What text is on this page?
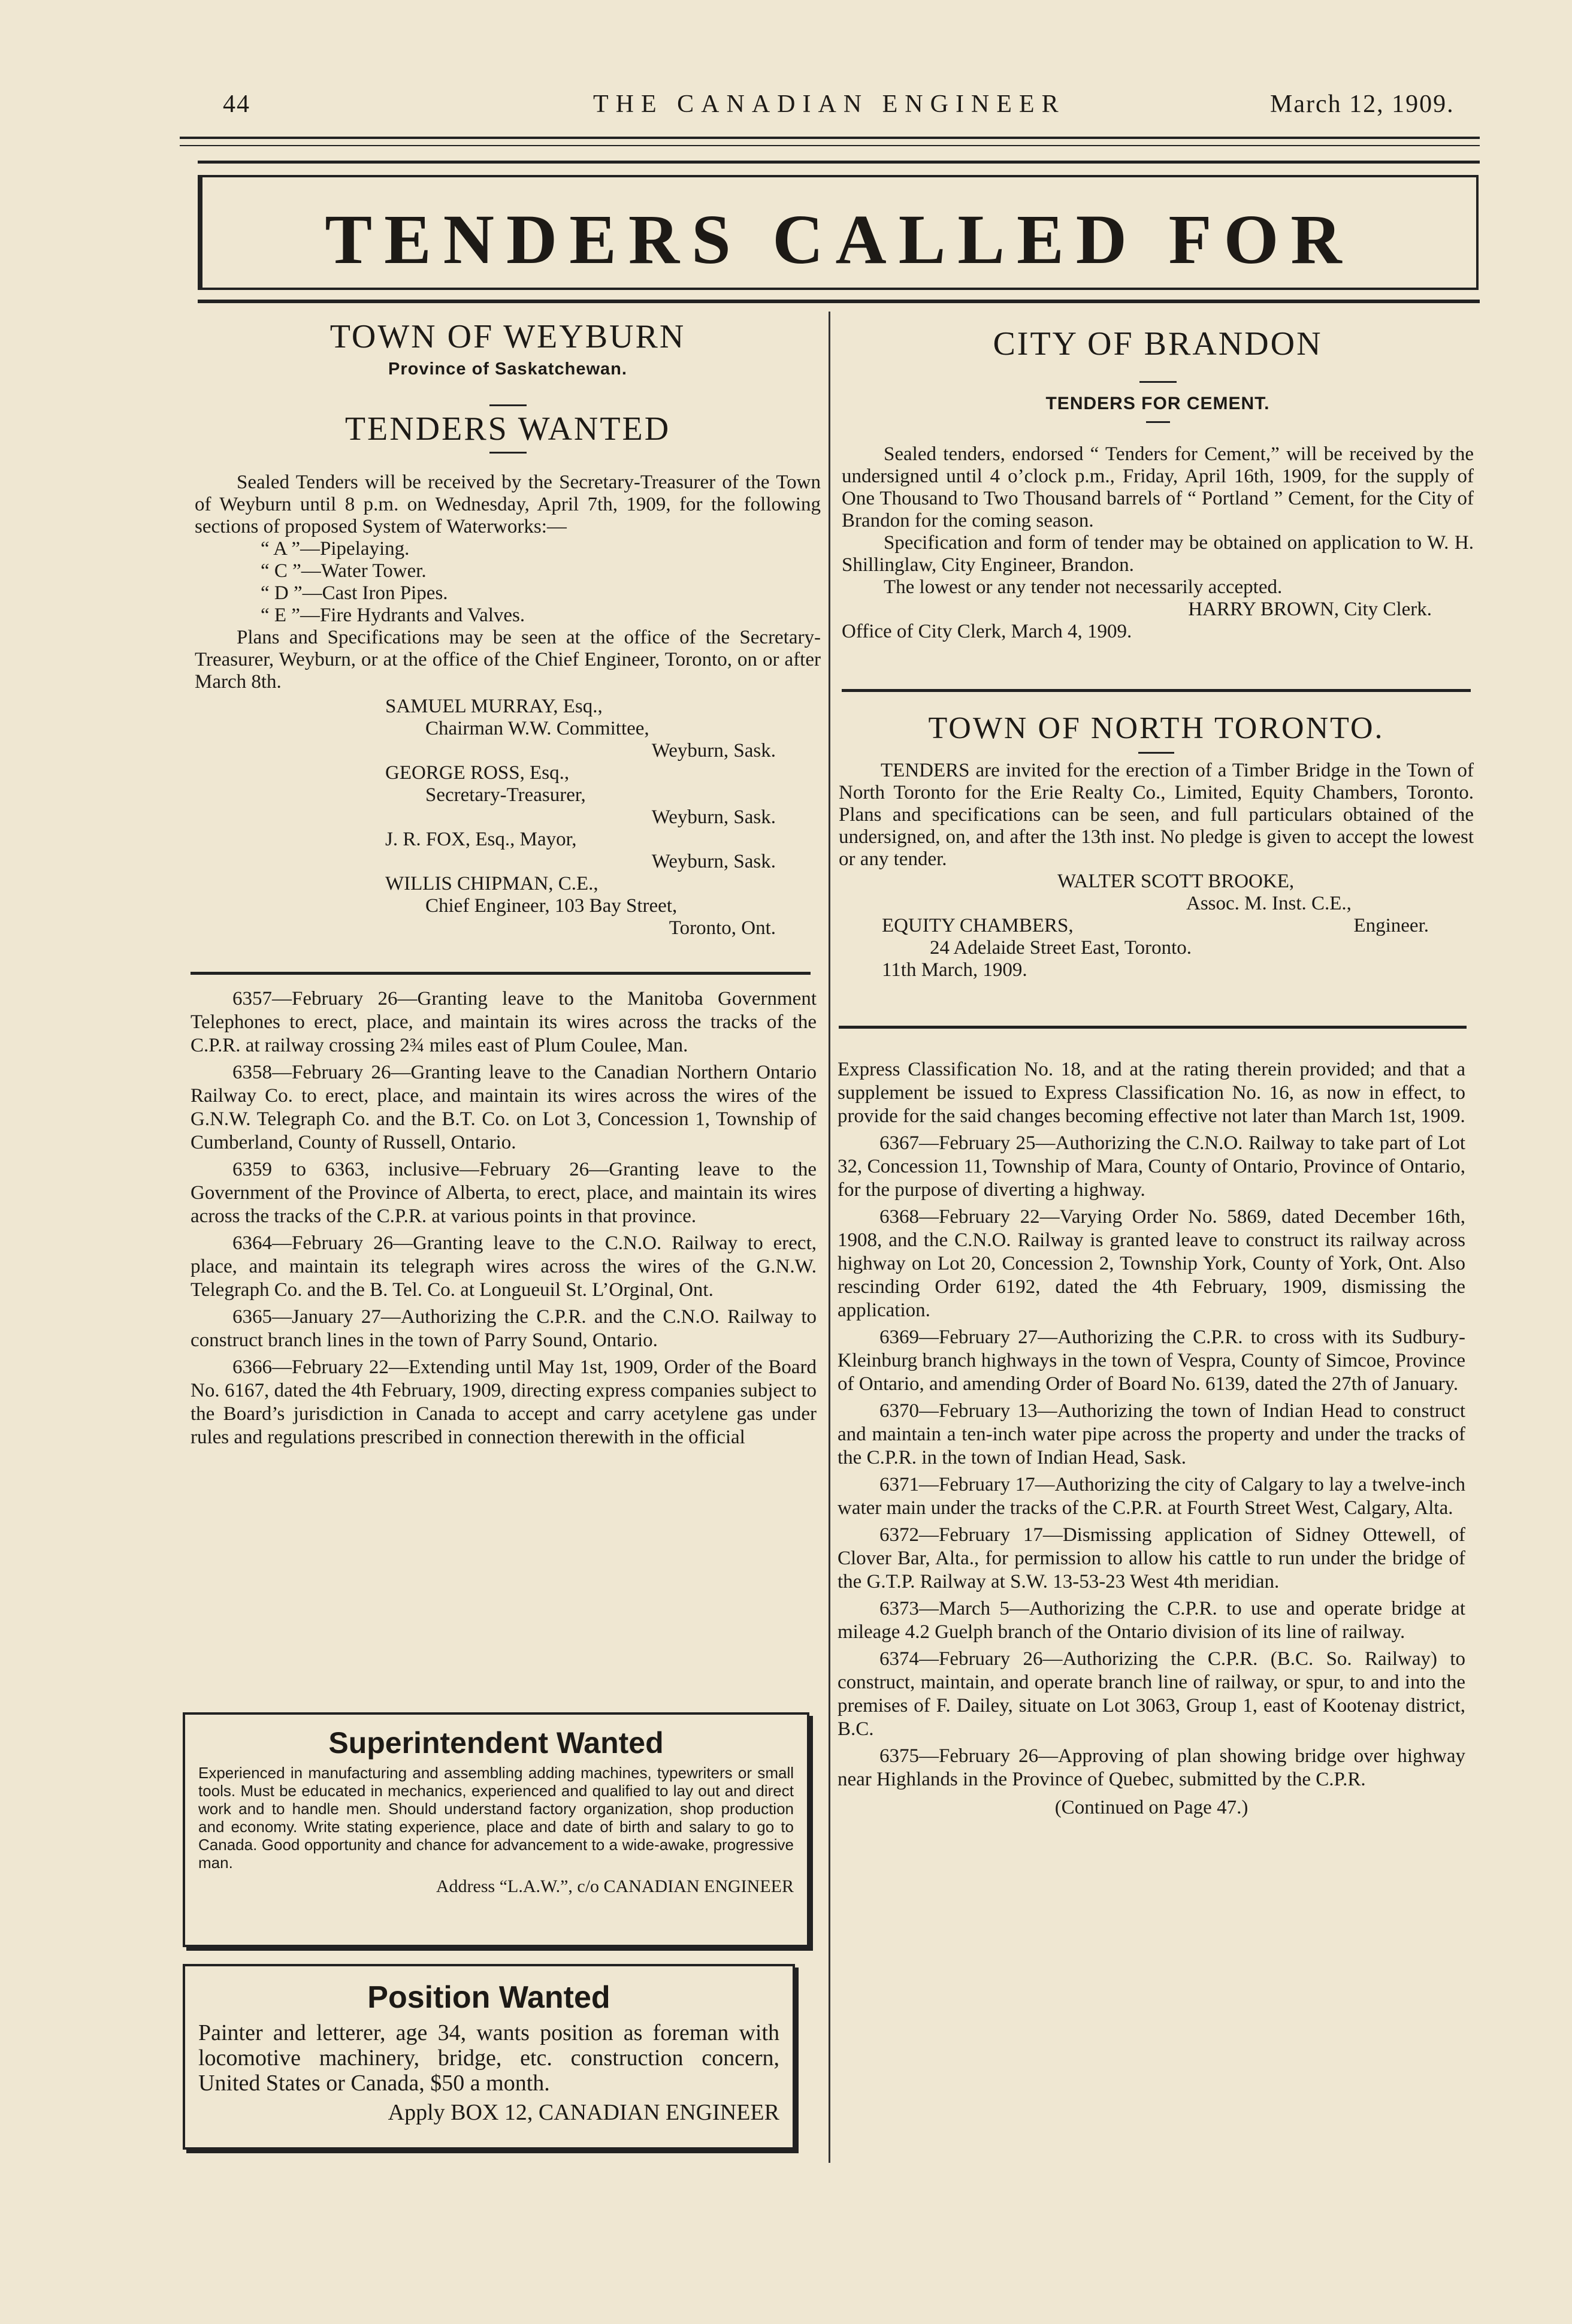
44	THE CANADIAN ENGINEER	March 12, 1909.
TENDERS CALLED FOR
TOWN OF WEYBURN
Province of Saskatchewan.
TENDERS WANTED

Sealed Tenders will be received by the Secretary-Treasurer of the Town of Weyburn until 8 p.m. on Wednesday, April 7th, 1909, for the following sections of proposed System of Waterworks:—

“ A ”—Pipelaying.
“ C ”—Water Tower.
“ D ”—Cast Iron Pipes.
“ E ”—Fire Hydrants and Valves.

Plans and Specifications may be seen at the office of the Secretary-Treasurer, Weyburn, or at the office of the Chief Engineer, Toronto, on or after March 8th.

SAMUEL MURRAY, Esq.,
Chairman W.W. Committee,
Weyburn, Sask.
GEORGE ROSS, Esq.,
Secretary-Treasurer,
Weyburn, Sask.
J. R. FOX, Esq., Mayor,
Weyburn, Sask.
WILLIS CHIPMAN, C.E.,
Chief Engineer, 103 Bay Street,
Toronto, Ont.

6357—February 26—Granting leave to the Manitoba Government Telephones to erect, place, and maintain its wires across the tracks of the C.P.R. at railway crossing 2¾ miles east of Plum Coulee, Man.

6358—February 26—Granting leave to the Canadian Northern Ontario Railway Co. to erect, place, and maintain its wires across the wires of the G.N.W. Telegraph Co. and the B.T. Co. on Lot 3, Concession 1, Township of Cumberland, County of Russell, Ontario.

6359 to 6363, inclusive—February 26—Granting leave to the Government of the Province of Alberta, to erect, place, and maintain its wires across the tracks of the C.P.R. at various points in that province.

6364—February 26—Granting leave to the C.N.O. Railway to erect, place, and maintain its telegraph wires across the wires of the G.N.W. Telegraph Co. and the B. Tel. Co. at Longueuil St. L’Orginal, Ont.

6365—January 27—Authorizing the C.P.R. and the C.N.O. Railway to construct branch lines in the town of Parry Sound, Ontario.

6366—February 22—Extending until May 1st, 1909, Order of the Board No. 6167, dated the 4th February, 1909, directing express companies subject to the Board’s jurisdiction in Canada to accept and carry acetylene gas under rules and regulations prescribed in connection therewith in the official

Superintendent Wanted
Experienced in manufacturing and assembling adding machines, typewriters or small tools. Must be educated in mechanics, experienced and qualified to lay out and direct work and to handle men. Should understand factory organization, shop production and economy. Write stating experience, place and date of birth and salary to go to Canada. Good opportunity and chance for advancement to a wide-awake, progressive man.
Address “L.A.W.”, c/o CANADIAN ENGINEER
Position Wanted
Painter and letterer, age 34, wants position as foreman with locomotive machinery, bridge, etc. construction concern, United States or Canada, $50 a month.
Apply BOX 12, CANADIAN ENGINEER
CITY OF BRANDON
TENDERS FOR CEMENT.

Sealed tenders, endorsed “ Tenders for Cement,” will be received by the undersigned until 4 o’clock p.m., Friday, April 16th, 1909, for the supply of One Thousand to Two Thousand barrels of “ Portland ” Cement, for the City of Brandon for the coming season.

Specification and form of tender may be obtained on application to W. H. Shillinglaw, City Engineer, Brandon.

The lowest or any tender not necessarily accepted.

HARRY BROWN, City Clerk.
Office of City Clerk, March 4, 1909.
TOWN OF NORTH TORONTO.

TENDERS are invited for the erection of a Timber Bridge in the Town of North Toronto for the Erie Realty Co., Limited, Equity Chambers, Toronto. Plans and specifications can be seen, and full particulars obtained of the undersigned, on, and after the 13th inst. No pledge is given to accept the lowest or any tender.

WALTER SCOTT BROOKE,
Assoc. M. Inst. C.E.,
EQUITY CHAMBERS,	Engineer.
24 Adelaide Street East, Toronto.
11th March, 1909.

Express Classification No. 18, and at the rating therein provided; and that a supplement be issued to Express Classification No. 16, as now in effect, to provide for the said changes becoming effective not later than March 1st, 1909.

6367—February 25—Authorizing the C.N.O. Railway to take part of Lot 32, Concession 11, Township of Mara, County of Ontario, Province of Ontario, for the purpose of diverting a highway.

6368—February 22—Varying Order No. 5869, dated December 16th, 1908, and the C.N.O. Railway is granted leave to construct its railway across highway on Lot 20, Concession 2, Township York, County of York, Ont. Also rescinding Order 6192, dated the 4th February, 1909, dismissing the application.

6369—February 27—Authorizing the C.P.R. to cross with its Sudbury-Kleinburg branch highways in the town of Vespra, County of Simcoe, Province of Ontario, and amending Order of Board No. 6139, dated the 27th of January.

6370—February 13—Authorizing the town of Indian Head to construct and maintain a ten-inch water pipe across the property and under the tracks of the C.P.R. in the town of Indian Head, Sask.

6371—February 17—Authorizing the city of Calgary to lay a twelve-inch water main under the tracks of the C.P.R. at Fourth Street West, Calgary, Alta.

6372—February 17—Dismissing application of Sidney Ottewell, of Clover Bar, Alta., for permission to allow his cattle to run under the bridge of the G.T.P. Railway at S.W. 13-53-23 West 4th meridian.

6373—March 5—Authorizing the C.P.R. to use and operate bridge at mileage 4.2 Guelph branch of the Ontario division of its line of railway.

6374—February 26—Authorizing the C.P.R. (B.C. So. Railway) to construct, maintain, and operate branch line of railway, or spur, to and into the premises of F. Dailey, situate on Lot 3063, Group 1, east of Kootenay district, B.C.

6375—February 26—Approving of plan showing bridge over highway near Highlands in the Province of Quebec, submitted by the C.P.R.

(Continued on Page 47.)
